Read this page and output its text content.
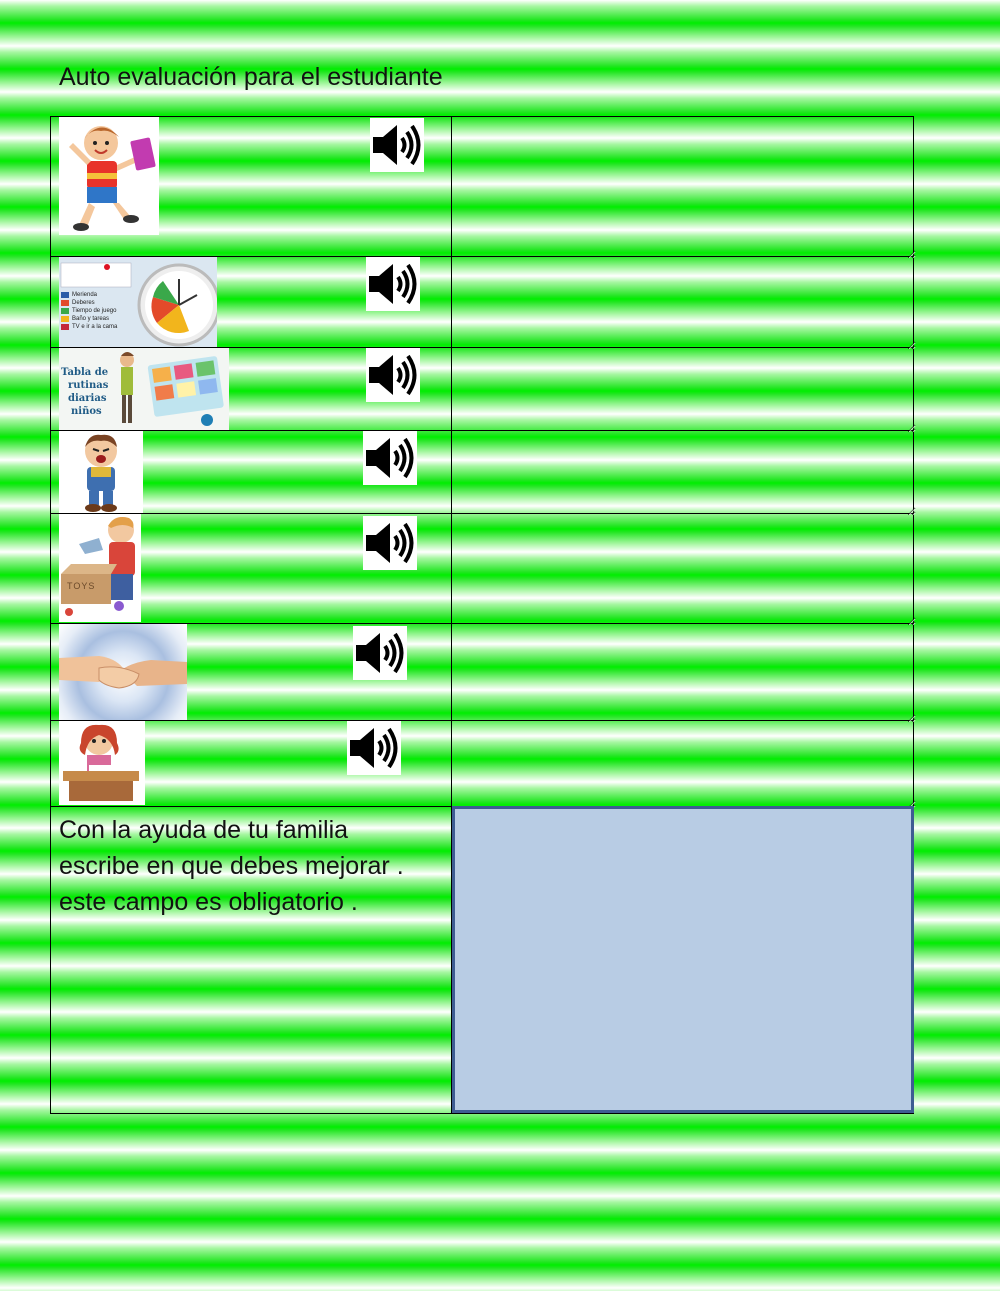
Auto evaluación para el estudiante
Merienda
Deberes
Tiempo de juego
Baño y tareas
TV e ir a la cama
Tabla de
rutinas
diarias
niños
TOYS
Con la ayuda de tu familia
escribe en que debes mejorar .
este campo es obligatorio .
